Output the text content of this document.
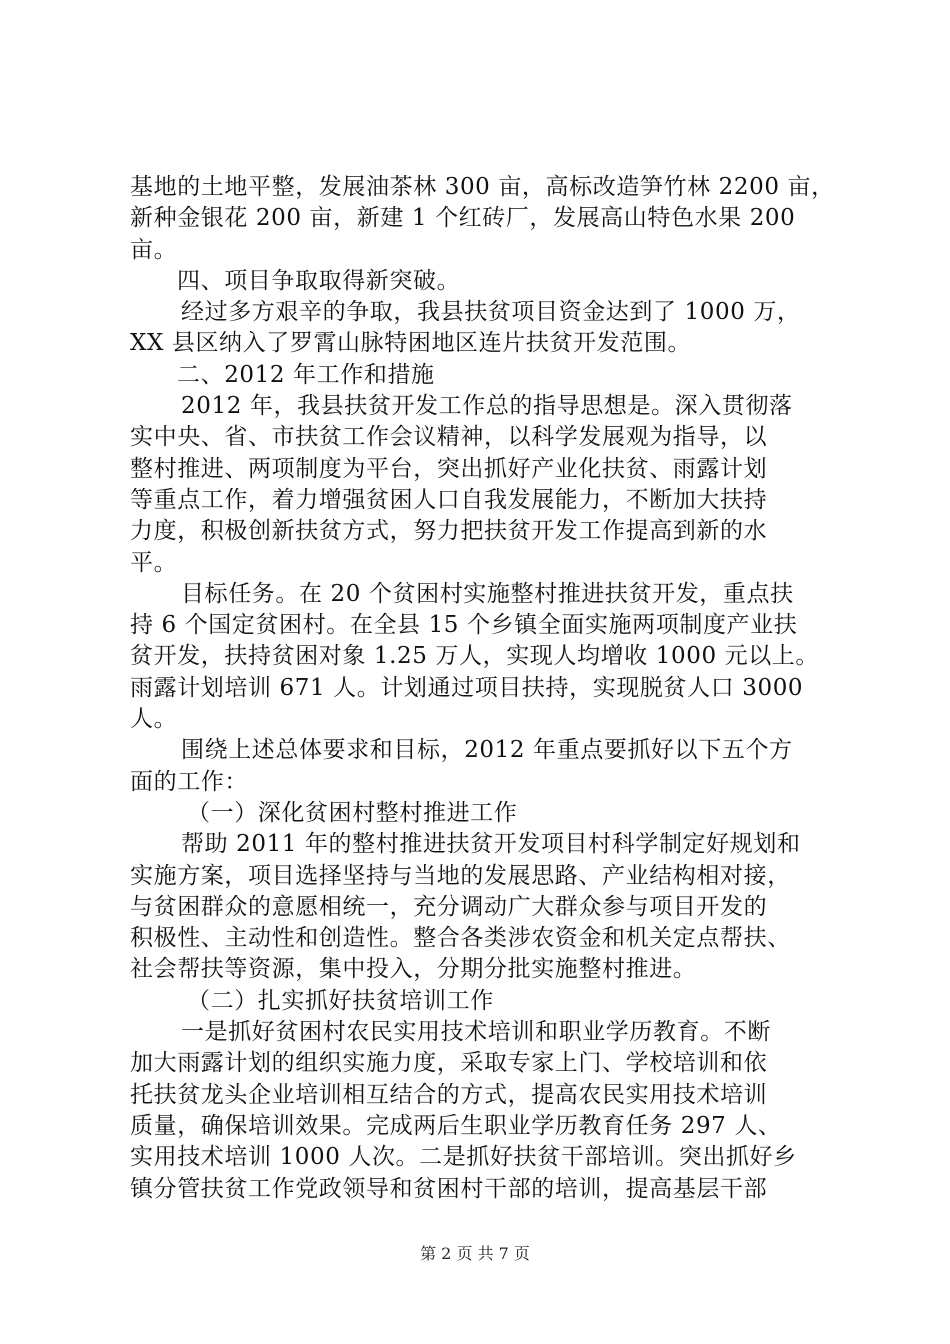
基地的土地平整，发展油茶林 300 亩，高标改造笋竹林 2200 亩，
新种金银花 200 亩，新建 1 个红砖厂，发展高山特色水果 200
亩。
四、项目争取取得新突破。
经过多方艰辛的争取，我县扶贫项目资金达到了 1000 万，
XX 县区纳入了罗霄山脉特困地区连片扶贫开发范围。
二、2012 年工作和措施
2012 年，我县扶贫开发工作总的指导思想是。深入贯彻落
实中央、省、市扶贫工作会议精神，以科学发展观为指导，以
整村推进、两项制度为平台，突出抓好产业化扶贫、雨露计划
等重点工作，着力增强贫困人口自我发展能力，不断加大扶持
力度，积极创新扶贫方式，努力把扶贫开发工作提高到新的水
平。
目标任务。在 20 个贫困村实施整村推进扶贫开发，重点扶
持 6 个国定贫困村。在全县 15 个乡镇全面实施两项制度产业扶
贫开发，扶持贫困对象 1.25 万人，实现人均增收 1000 元以上。
雨露计划培训 671 人。计划通过项目扶持，实现脱贫人口 3000
人。
围绕上述总体要求和目标，2012 年重点要抓好以下五个方
面的工作：
（一）深化贫困村整村推进工作
帮助 2011 年的整村推进扶贫开发项目村科学制定好规划和
实施方案，项目选择坚持与当地的发展思路、产业结构相对接，
与贫困群众的意愿相统一，充分调动广大群众参与项目开发的
积极性、主动性和创造性。整合各类涉农资金和机关定点帮扶、
社会帮扶等资源，集中投入，分期分批实施整村推进。
（二）扎实抓好扶贫培训工作
一是抓好贫困村农民实用技术培训和职业学历教育。不断
加大雨露计划的组织实施力度，采取专家上门、学校培训和依
托扶贫龙头企业培训相互结合的方式，提高农民实用技术培训
质量，确保培训效果。完成两后生职业学历教育任务 297 人、
实用技术培训 1000 人次。二是抓好扶贫干部培训。突出抓好乡
镇分管扶贫工作党政领导和贫困村干部的培训，提高基层干部
第 2 页 共 7 页
